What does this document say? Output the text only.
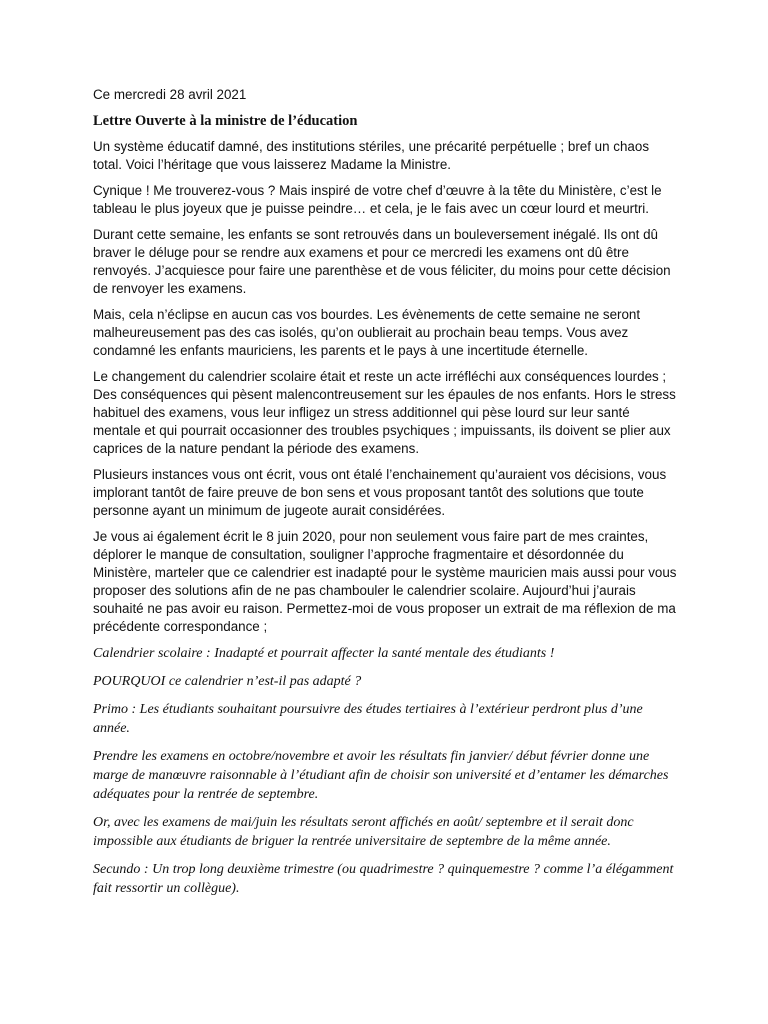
Ce mercredi 28 avril 2021

Lettre Ouverte à la ministre de l’éducation

Un système éducatif damné, des institutions stériles, une précarité perpétuelle ; bref un chaos total. Voici l’héritage que vous laisserez Madame la Ministre.

Cynique ! Me trouverez-vous ? Mais inspiré de votre chef d’œuvre à la tête du Ministère, c’est le tableau le plus joyeux que je puisse peindre… et cela, je le fais avec un cœur lourd et meurtri.

Durant cette semaine, les enfants se sont retrouvés dans un bouleversement inégalé. Ils ont dû braver le déluge pour se rendre aux examens et pour ce mercredi les examens ont dû être renvoyés. J’acquiesce pour faire une parenthèse et de vous féliciter, du moins pour cette décision de renvoyer les examens.

Mais, cela n’éclipse en aucun cas vos bourdes. Les évènements de cette semaine ne seront malheureusement pas des cas isolés, qu’on oublierait au prochain beau temps. Vous avez condamné les enfants mauriciens, les parents et le pays à une incertitude éternelle.

Le changement du calendrier scolaire était et reste un acte irréfléchi aux conséquences lourdes ; Des conséquences qui pèsent malencontreusement sur les épaules de nos enfants. Hors le stress habituel des examens, vous leur infligez un stress additionnel qui pèse lourd sur leur santé mentale et qui pourrait occasionner des troubles psychiques ; impuissants, ils doivent se plier aux caprices de la nature pendant la période des examens.

Plusieurs instances vous ont écrit, vous ont étalé l’enchainement qu’auraient vos décisions, vous implorant tantôt de faire preuve de bon sens et vous proposant tantôt des solutions que toute personne ayant un minimum de jugeote aurait considérées.

Je vous ai également écrit le 8 juin 2020, pour non seulement vous faire part de mes craintes, déplorer le manque de consultation, souligner l’approche fragmentaire et désordonnée du Ministère, marteler que ce calendrier est inadapté pour le système mauricien mais aussi pour vous proposer des solutions afin de ne pas chambouler le calendrier scolaire. Aujourd’hui j’aurais souhaité ne pas avoir eu raison. Permettez-moi de vous proposer un extrait de ma réflexion de ma précédente correspondance ;

Calendrier scolaire : Inadapté et pourrait affecter la santé mentale des étudiants !

POURQUOI ce calendrier n’est-il pas adapté ?

Primo : Les étudiants souhaitant poursuivre des études tertiaires à l’extérieur perdront plus d’une année.

Prendre les examens en octobre/novembre et avoir les résultats fin janvier/ début février donne une marge de manœuvre raisonnable à l’étudiant afin de choisir son université et d’entamer les démarches adéquates pour la rentrée de septembre.

Or, avec les examens de mai/juin les résultats seront affichés en août/ septembre et il serait donc impossible aux étudiants de briguer la rentrée universitaire de septembre de la même année.

Secundo : Un trop long deuxième trimestre (ou quadrimestre ? quinquemestre ? comme l’a élégamment fait ressortir un collègue).
